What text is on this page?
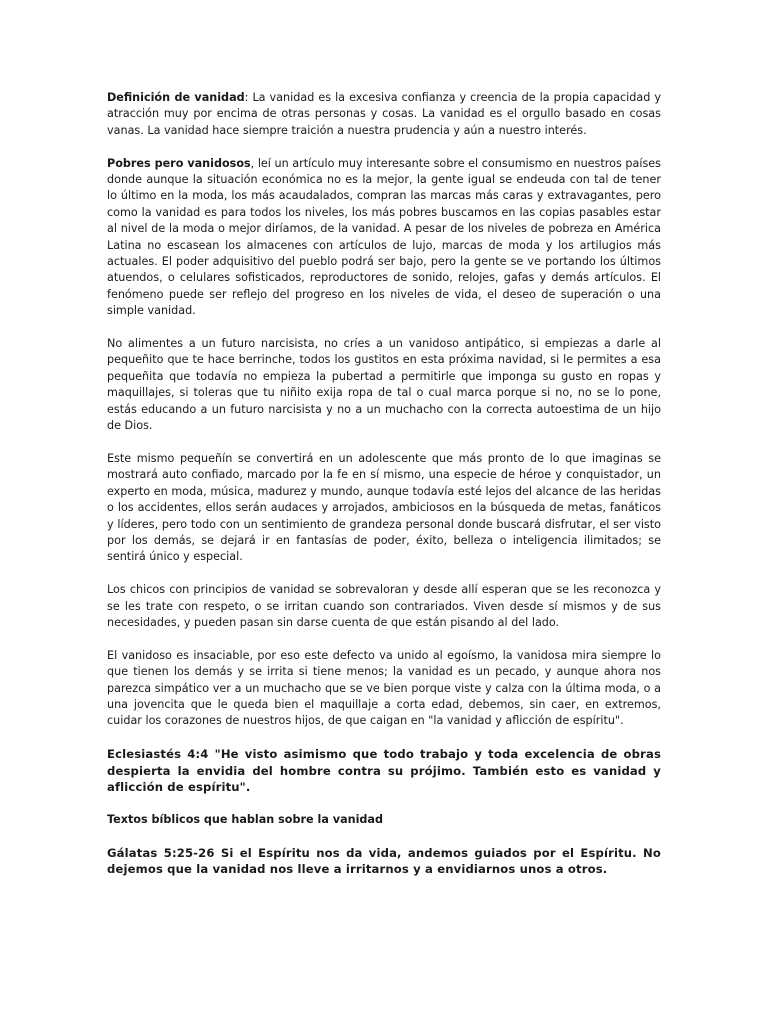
Definición de vanidad: La vanidad es la excesiva confianza y creencia de la propia capacidad y atracción muy por encima de otras personas y cosas. La vanidad es el orgullo basado en cosas vanas. La vanidad hace siempre traición a nuestra prudencia y aún a nuestro interés.

Pobres pero vanidosos, leí un artículo muy interesante sobre el consumismo en nuestros países donde aunque la situación económica no es la mejor, la gente igual se endeuda con tal de tener lo último en la moda, los más acaudalados, compran las marcas más caras y extravagantes, pero como la vanidad es para todos los niveles, los más pobres buscamos en las copias pasables estar al nivel de la moda o mejor diríamos, de la vanidad. A pesar de los niveles de pobreza en América Latina no escasean los almacenes con artículos de lujo, marcas de moda y los artilugios más actuales. El poder adquisitivo del pueblo podrá ser bajo, pero la gente se ve portando los últimos atuendos, o celulares sofisticados, reproductores de sonido, relojes, gafas y demás artículos. El fenómeno puede ser reflejo del progreso en los niveles de vida, el deseo de superación o una simple vanidad.

No alimentes a un futuro narcisista, no críes a un vanidoso antipático, si empiezas a darle al pequeñito que te hace berrinche, todos los gustitos en esta próxima navidad, si le permites a esa pequeñita que todavía no empieza la pubertad a permitirle que imponga su gusto en ropas y maquillajes, si toleras que tu niñito exija ropa de tal o cual marca porque si no, no se lo pone, estás educando a un futuro narcisista y no a un muchacho con la correcta autoestima de un hijo de Dios.

Este mismo pequeñín se convertirá en un adolescente que más pronto de lo que imaginas se mostrará auto confiado, marcado por la fe en sí mismo, una especie de héroe y conquistador, un experto en moda, música, madurez y mundo, aunque todavía esté lejos del alcance de las heridas o los accidentes, ellos serán audaces y arrojados, ambiciosos en la búsqueda de metas, fanáticos y líderes, pero todo con un sentimiento de grandeza personal donde buscará disfrutar, el ser visto por los demás, se dejará ir en fantasías de poder, éxito, belleza o inteligencia ilimitados; se sentirá único y especial.

Los chicos con principios de vanidad se sobrevaloran y desde allí esperan que se les reconozca y se les trate con respeto, o se irritan cuando son contrariados. Viven desde sí mismos y de sus necesidades, y pueden pasan sin darse cuenta de que están pisando al del lado.

El vanidoso es insaciable, por eso este defecto va unido al egoísmo, la vanidosa mira siempre lo que tienen los demás y se irrita si tiene menos; la vanidad es un pecado, y aunque ahora nos parezca simpático ver a un muchacho que se ve bien porque viste y calza con la última moda, o a una jovencita que le queda bien el maquillaje a corta edad, debemos, sin caer, en extremos, cuidar los corazones de nuestros hijos, de que caigan en "la vanidad y aflicción de espíritu".

Eclesiastés 4:4 "He visto asimismo que todo trabajo y toda excelencia de obras despierta la envidia del hombre contra su prójimo. También esto es vanidad y aflicción de espíritu".

Textos bíblicos que hablan sobre la vanidad

Gálatas 5:25-26 Si el Espíritu nos da vida, andemos guiados por el Espíritu. No dejemos que la vanidad nos lleve a irritarnos y a envidiarnos unos a otros.
